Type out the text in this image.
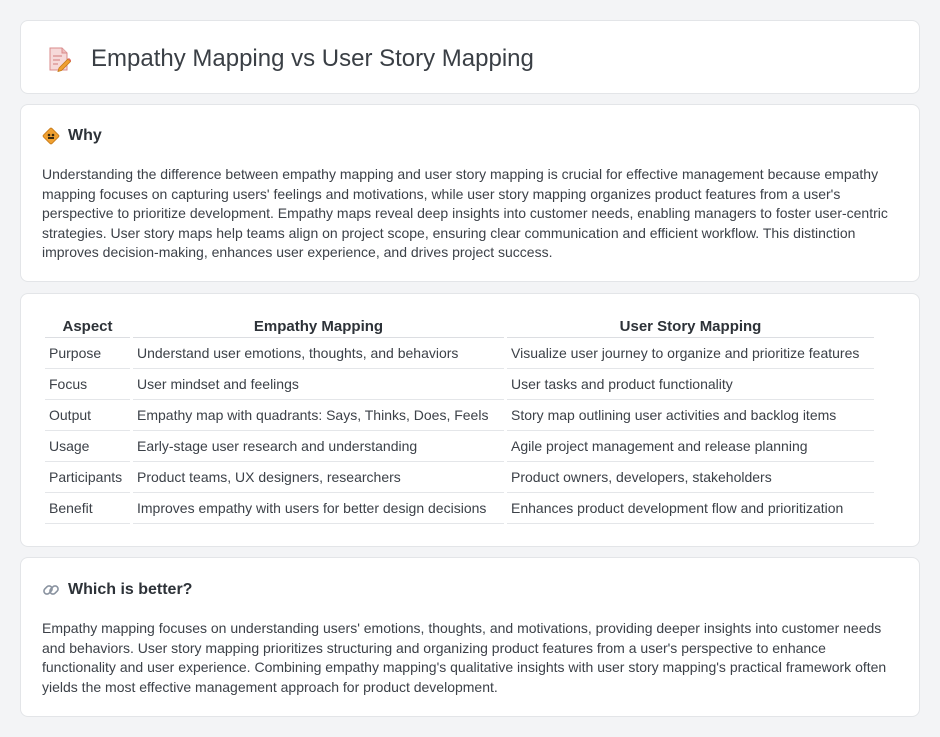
Empathy Mapping vs User Story Mapping
Why

Understanding the difference between empathy mapping and user story mapping is crucial for effective management because empathy mapping focuses on capturing users' feelings and motivations, while user story mapping organizes product features from a user's perspective to prioritize development. Empathy maps reveal deep insights into customer needs, enabling managers to foster user-centric strategies. User story maps help teams align on project scope, ensuring clear communication and efficient workflow. This distinction improves decision-making, enhances user experience, and drives project success.

Aspect	Empathy Mapping	User Story Mapping
Purpose	Understand user emotions, thoughts, and behaviors	Visualize user journey to organize and prioritize features
Focus	User mindset and feelings	User tasks and product functionality
Output	Empathy map with quadrants: Says, Thinks, Does, Feels	Story map outlining user activities and backlog items
Usage	Early-stage user research and understanding	Agile project management and release planning
Participants	Product teams, UX designers, researchers	Product owners, developers, stakeholders
Benefit	Improves empathy with users for better design decisions	Enhances product development flow and prioritization
Which is better?

Empathy mapping focuses on understanding users' emotions, thoughts, and motivations, providing deeper insights into customer needs and behaviors. User story mapping prioritizes structuring and organizing product features from a user's perspective to enhance functionality and user experience. Combining empathy mapping's qualitative insights with user story mapping's practical framework often yields the most effective management approach for product development.
